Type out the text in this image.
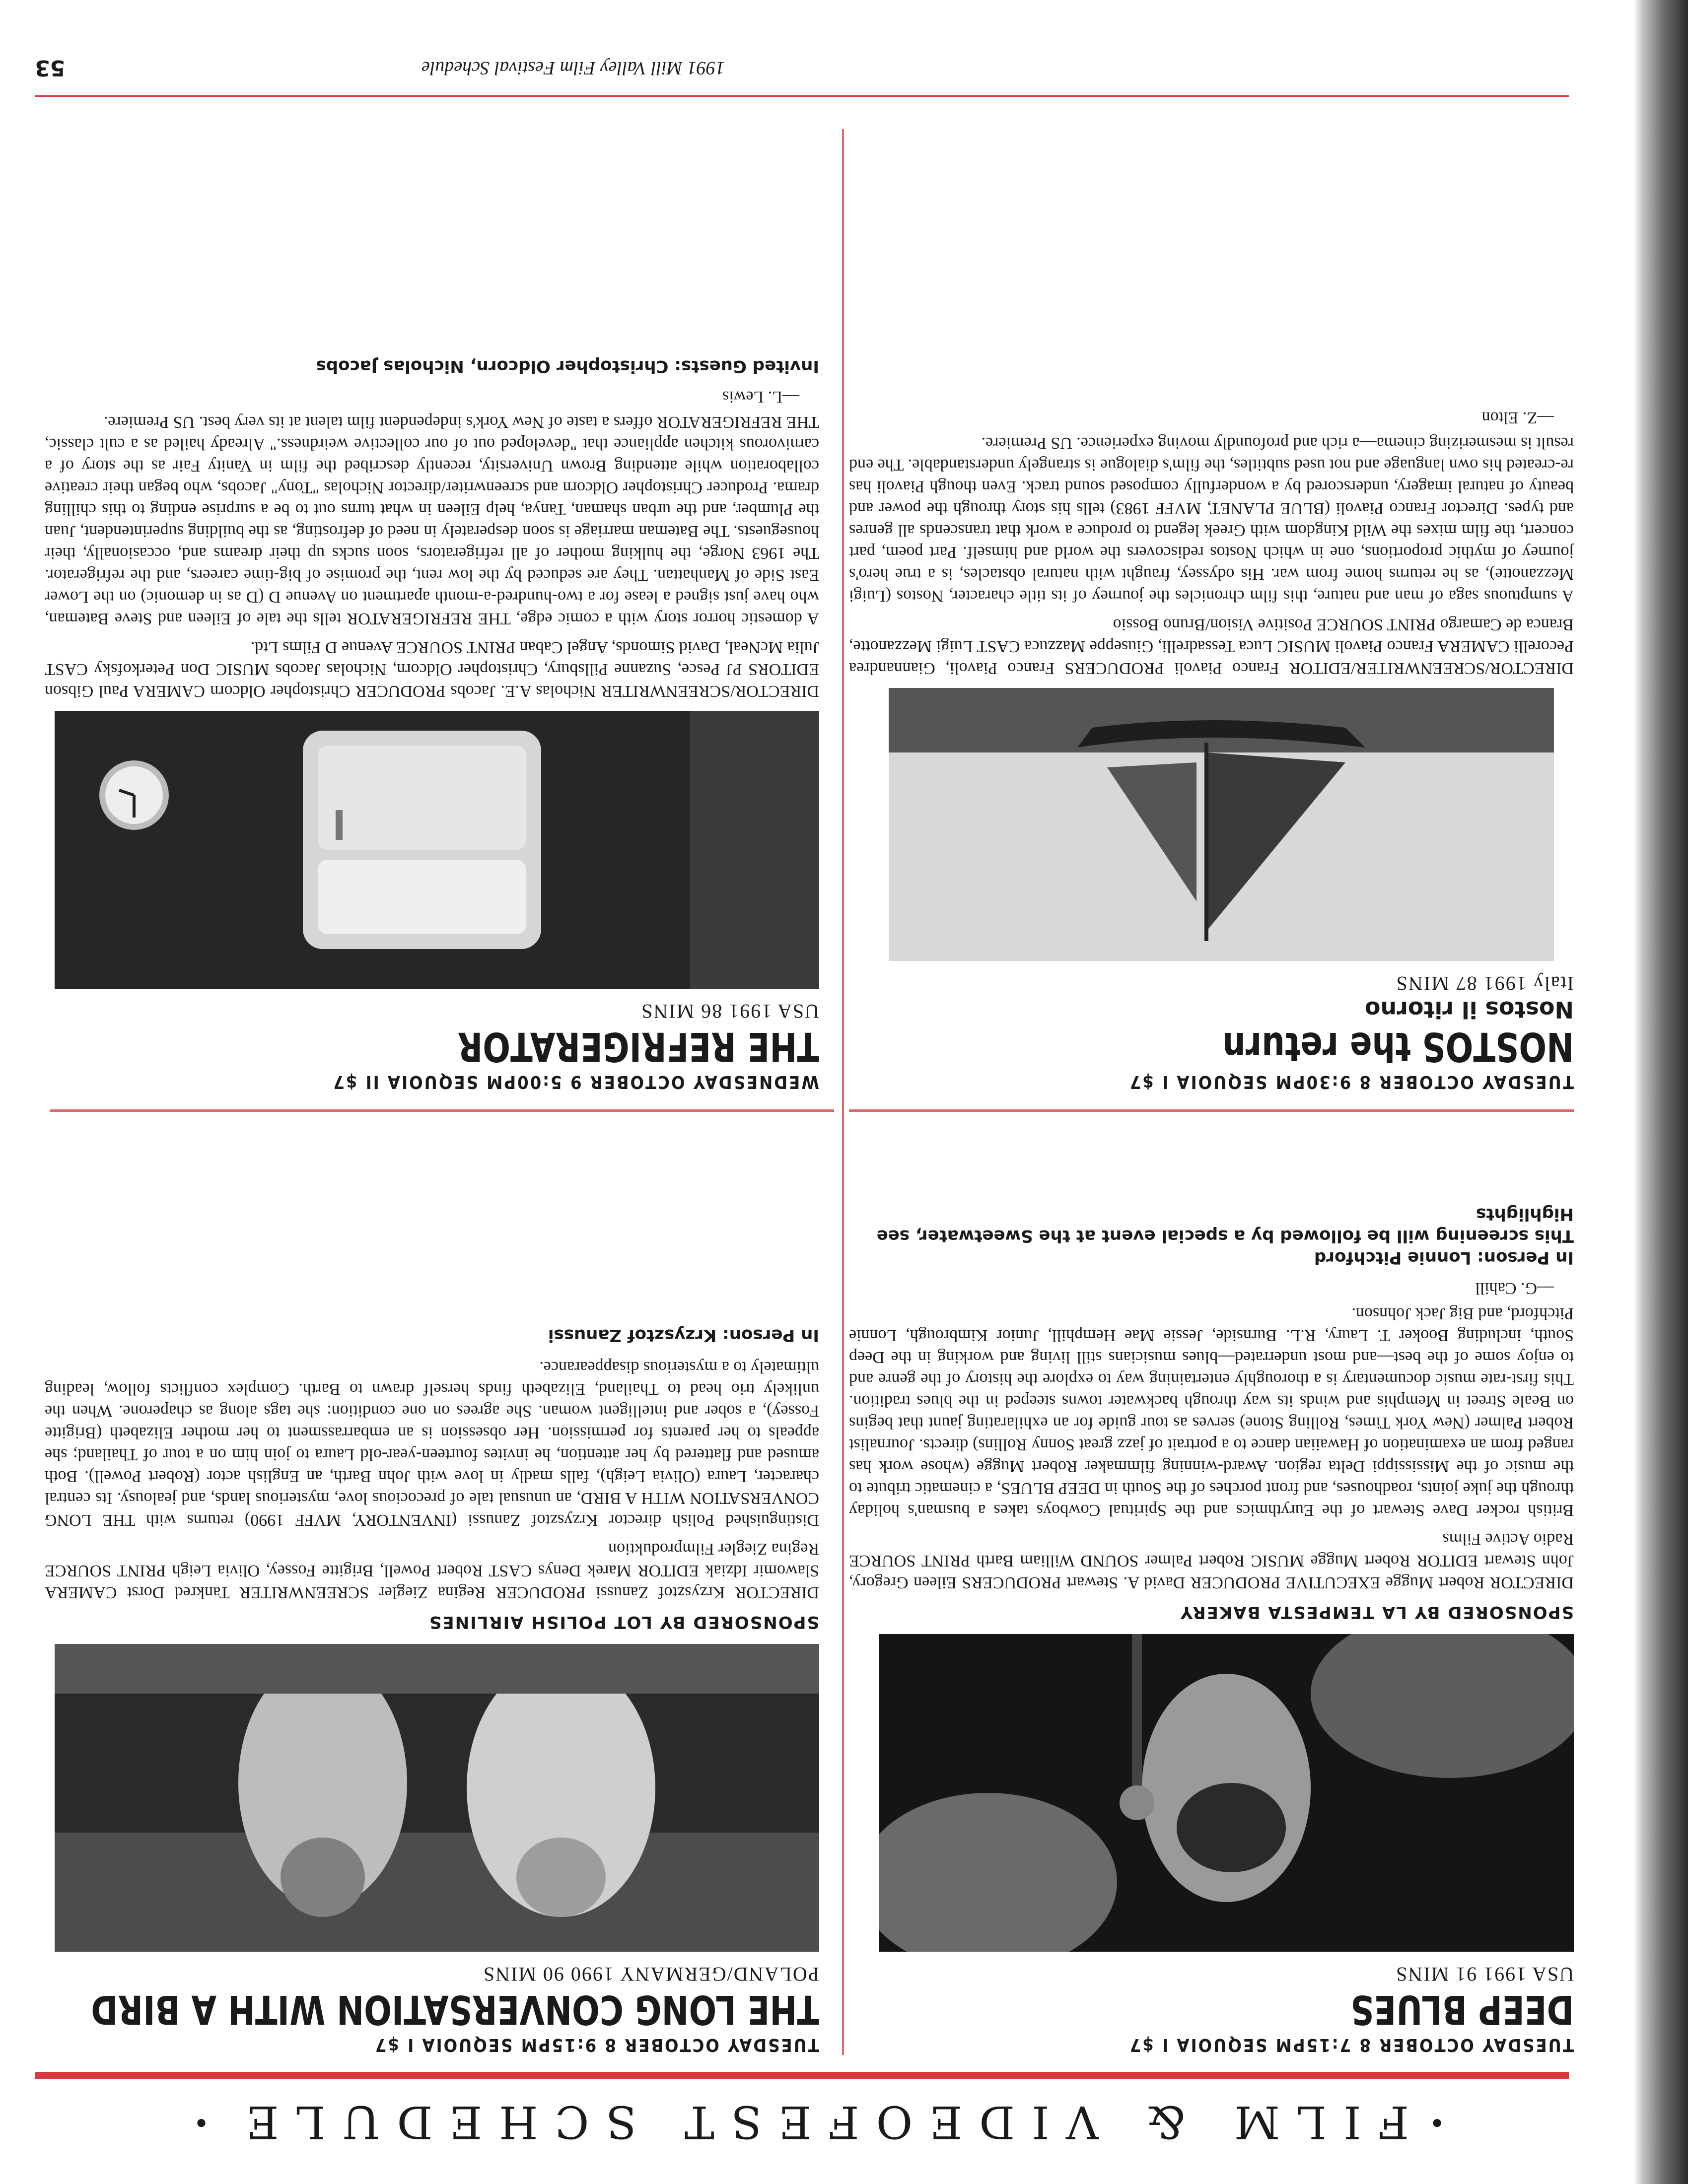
•
FILM & VIDEOFEST SCHEDULE
•
TUESDAY OCTOBER 8 7:15PM SEQUOIA I $7
DEEP BLUES
USA 1991 91 MINS
SPONSORED BY LA TEMPESTA BAKERY
DIRECTOR Robert Mugge EXECUTIVE PRODUCER David A. Stewart PRODUCERS Eileen Gregory, John Stewart EDITOR Robert Mugge MUSIC Robert Palmer SOUND William Barth PRINT SOURCE Radio Active Films
British rocker Dave Stewart of the Eurythmics and the Spiritual Cowboys takes a busman's holiday through the juke joints, roadhouses, and front porches of the South in DEEP BLUES, a cinematic tribute to the music of the Mississippi Delta region. Award-winning filmmaker Robert Mugge (whose work has ranged from an examination of Hawaiian dance to a portrait of jazz great Sonny Rollins) directs. Journalist Robert Palmer (New York Times, Rolling Stone) serves as tour guide for an exhilarating jaunt that begins on Beale Street in Memphis and winds its way through backwater towns steeped in the blues tradition. This first-rate music documentary is a thoroughly entertaining way to explore the history of the genre and to enjoy some of the best—and most underrated—blues musicians still living and working in the Deep South, including Booker T. Laury, R.L. Burnside, Jessie Mae Hemphill, Junior Kimbrough, Lonnie Pitchford, and Big Jack Johnson.
—G. Cahill
In Person: Lonnie Pitchford
This screening will be followed by a special event at the Sweetwater, see Highlights
TUESDAY OCTOBER 8 9:15PM SEQUOIA I $7
THE LONG CONVERSATION WITH A BIRD
POLAND/GERMANY 1990 90 MINS
SPONSORED BY LOT POLISH AIRLINES
DIRECTOR Krzysztof Zanussi PRODUCER Regina Ziegler SCREENWRITER Tankred Dorst CAMERA Slawomir Idziak EDITOR Marek Denys CAST Robert Powell, Brigitte Fossey, Olivia Leigh PRINT SOURCE Regina Ziegler Filmproduktion
Distinguished Polish director Krzysztof Zanussi (INVENTORY, MVFF 1990) returns with THE LONG CONVERSATION WITH A BIRD, an unusual tale of precocious love, mysterious lands, and jealousy. Its central character, Laura (Olivia Leigh), falls madly in love with John Barth, an English actor (Robert Powell). Both amused and flattered by her attention, he invites fourteen-year-old Laura to join him on a tour of Thailand; she appeals to her parents for permission. Her obsession is an embarrassment to her mother Elizabeth (Brigitte Fossey), a sober and intelligent woman. She agrees on one condition: she tags along as chaperone. When the unlikely trio head to Thailand, Elizabeth finds herself drawn to Barth. Complex conflicts follow, leading ultimately to a mysterious disappearance.
In Person: Krzysztof Zanussi
TUESDAY OCTOBER 8 9:30PM SEQUOIA I $7
NOSTOS the return
Nostos il ritorno
Italy 1991 87 MINS
DIRECTOR/SCREENWRITER/EDITOR Franco Piavoli PRODUCERS Franco Piavoli, Giannandrea Pecorelli CAMERA Franco Piavoli MUSIC Luca Tessadrelli, Giuseppe Mazzuca CAST Luigi Mezzanotte, Branca de Camargo PRINT SOURCE Positive Vision/Bruno Bossio
A sumptuous saga of man and nature, this film chronicles the journey of its title character, Nostos (Luigi Mezzanotte), as he returns home from war. His odyssey, fraught with natural obstacles, is a true hero's journey of mythic proportions, one in which Nostos rediscovers the world and himself. Part poem, part concert, the film mixes the Wild Kingdom with Greek legend to produce a work that transcends all genres and types. Director Franco Piavoli (BLUE PLANET, MVFF 1983) tells his story through the power and beauty of natural imagery, underscored by a wonderfully composed sound track. Even though Piavoli has re-created his own language and not used subtitles, the film's dialogue is strangely understandable. The end result is mesmerizing cinema—a rich and profoundly moving experience. US Premiere.
—Z. Elton
WEDNESDAY OCTOBER 9 5:00PM SEQUOIA II $7
THE REFRIGERATOR
USA 1991 86 MINS
DIRECTOR/SCREENWRITER Nicholas A.E. Jacobs PRODUCER Christopher Oldcorn CAMERA Paul Gibson EDITORS PJ Pesce, Suzanne Pillsbury, Christopher Oldcorn, Nicholas Jacobs MUSIC Don Peterkofsky CAST Julia McNeal, David Simonds, Angel Caban PRINT SOURCE Avenue D Films Ltd.
A domestic horror story with a comic edge, THE REFRIGERATOR tells the tale of Eileen and Steve Bateman, who have just signed a lease for a two-hundred-a-month apartment on Avenue D (D as in demonic) on the Lower East Side of Manhattan. They are seduced by the low rent, the promise of big-time careers, and the refrigerator. The 1963 Norge, the hulking mother of all refrigerators, soon sucks up their dreams and, occasionally, their houseguests. The Bateman marriage is soon desperately in need of defrosting, as the building superintendent, Juan the Plumber, and the urban shaman, Tanya, help Eileen in what turns out to be a surprise ending to this chilling drama. Producer Christopher Oldcorn and screenwriter/director Nicholas "Tony" Jacobs, who began their creative collaboration while attending Brown University, recently described the film in Vanity Fair as the story of a carnivorous kitchen appliance that "developed out of our collective weirdness." Already hailed as a cult classic, THE REFRIGERATOR offers a taste of New York's independent film talent at its very best. US Premiere.
—L. Lewis
Invited Guests: Christopher Oldcorn, Nicholas Jacobs
1991 Mill Valley Film Festival Schedule
53
